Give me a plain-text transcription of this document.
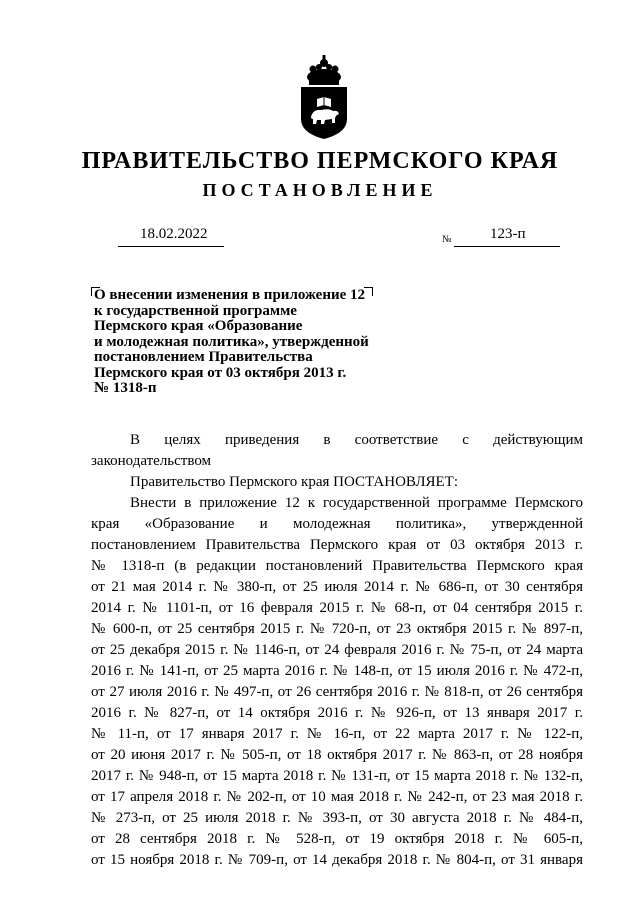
ПРАВИТЕЛЬСТВО ПЕРМСКОГО КРАЯ
ПОСТАНОВЛЕНИЕ
18.02.2022	№	123-п
О внесении изменения в приложение 12
к государственной программе
Пермского края «Образование
и молодежная политика», утвержденной
постановлением Правительства
Пермского края от 03 октября 2013 г.
№ 1318-п

В целях приведения в соответствие с действующим

законодательством

Правительство Пермского края ПОСТАНОВЛЯЕТ:

Внести в приложение 12 к государственной программе Пермского

края «Образование и молодежная политика», утвержденной

постановлением Правительства Пермского края от 03 октября 2013 г.

№ 1318-п (в редакции постановлений Правительства Пермского края

от 21 мая 2014 г. № 380-п, от 25 июля 2014 г. № 686-п, от 30 сентября

2014 г. № 1101-п, от 16 февраля 2015 г. № 68-п, от 04 сентября 2015 г.

№ 600-п, от 25 сентября 2015 г. № 720-п, от 23 октября 2015 г. № 897-п,

от 25 декабря 2015 г. № 1146-п, от 24 февраля 2016 г. № 75-п, от 24 марта

2016 г. № 141-п, от 25 марта 2016 г. № 148-п, от 15 июля 2016 г. № 472-п,

от 27 июля 2016 г. № 497-п, от 26 сентября 2016 г. № 818-п, от 26 сентября

2016 г. № 827-п, от 14 октября 2016 г. № 926-п, от 13 января 2017 г.

№ 11-п, от 17 января 2017 г. № 16-п, от 22 марта 2017 г. № 122-п,

от 20 июня 2017 г. № 505-п, от 18 октября 2017 г. № 863-п, от 28 ноября

2017 г. № 948-п, от 15 марта 2018 г. № 131-п, от 15 марта 2018 г. № 132-п,

от 17 апреля 2018 г. № 202-п, от 10 мая 2018 г. № 242-п, от 23 мая 2018 г.

№ 273-п, от 25 июля 2018 г. № 393-п, от 30 августа 2018 г. № 484-п,

от 28 сентября 2018 г. № 528-п, от 19 октября 2018 г. № 605-п,

от 15 ноября 2018 г. № 709-п, от 14 декабря 2018 г. № 804-п, от 31 января
